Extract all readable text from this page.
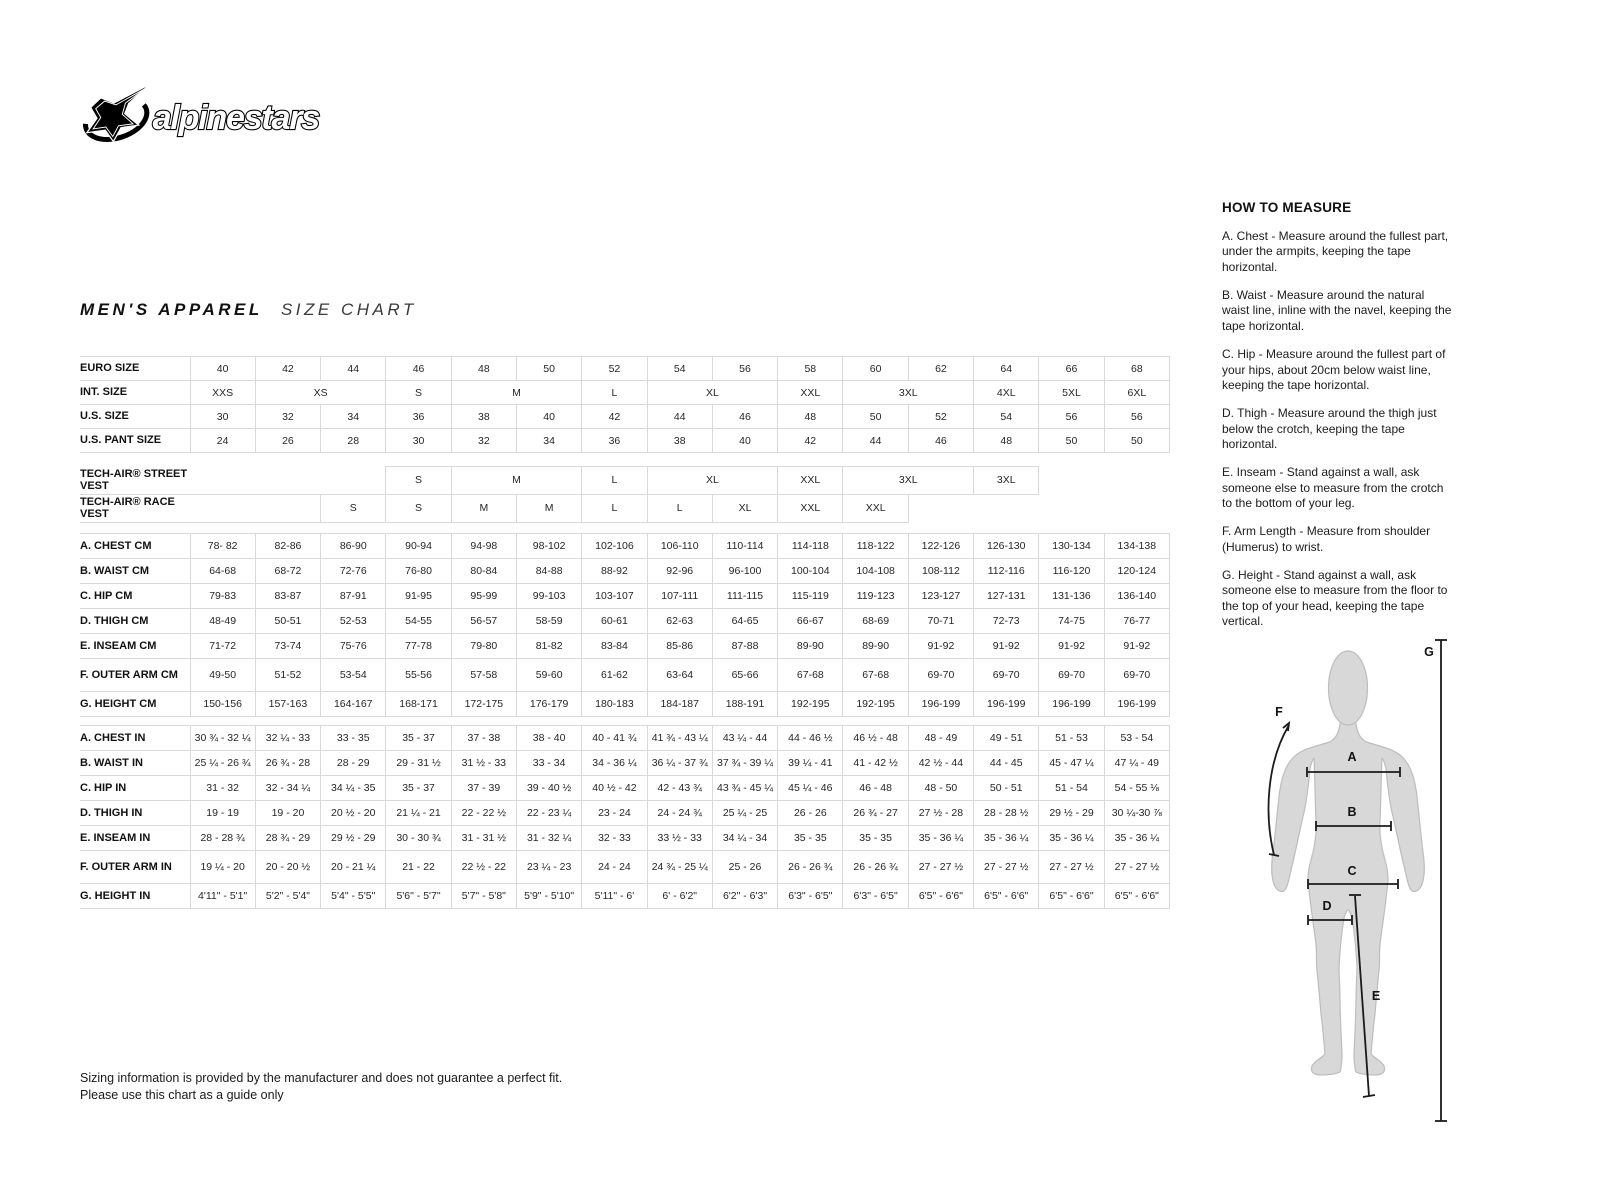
alpinestars
MEN'S APPAREL SIZE CHART
EURO SIZE	40	42	44	46	48	50	52	54	56	58	60	62	64	66	68
INT. SIZE	XXS	XS		S	M		L	XL		XXL	3XL		4XL	5XL	6XL
U.S. SIZE	30	32	34	36	38	40	42	44	46	48	50	52	54	56	56
U.S. PANT SIZE	24	26	28	30	32	34	36	38	40	42	44	46	48	50	50

TECH-AIR® STREET VEST				S	M		L	XL		XXL	3XL		3XL		
TECH-AIR® RACE VEST			S	S	M	M	L	L	XL	XXL	XXL				

A. CHEST CM	78- 82	82-86	86-90	90-94	94-98	98-102	102-106	106-110	110-114	114-118	118-122	122-126	126-130	130-134	134-138
B. WAIST CM	64-68	68-72	72-76	76-80	80-84	84-88	88-92	92-96	96-100	100-104	104-108	108-112	112-116	116-120	120-124
C. HIP CM	79-83	83-87	87-91	91-95	95-99	99-103	103-107	107-111	111-115	115-119	119-123	123-127	127-131	131-136	136-140
D. THIGH CM	48-49	50-51	52-53	54-55	56-57	58-59	60-61	62-63	64-65	66-67	68-69	70-71	72-73	74-75	76-77
E. INSEAM CM	71-72	73-74	75-76	77-78	79-80	81-82	83-84	85-86	87-88	89-90	89-90	91-92	91-92	91-92	91-92
F. OUTER ARM CM	49-50	51-52	53-54	55-56	57-58	59-60	61-62	63-64	65-66	67-68	67-68	69-70	69-70	69-70	69-70
G. HEIGHT CM	150-156	157-163	164-167	168-171	172-175	176-179	180-183	184-187	188-191	192-195	192-195	196-199	196-199	196-199	196-199

A. CHEST IN	30 ¾ - 32 ¼	32 ¼ - 33	33 - 35	35 - 37	37 - 38	38 - 40	40 - 41 ¾	41 ¾ - 43 ¼	43 ¼ - 44	44 - 46 ½	46 ½ - 48	48 - 49	49 - 51	51 - 53	53 - 54
B. WAIST IN	25 ¼ - 26 ¾	26 ¾ - 28	28 - 29	29 - 31 ½	31 ½ - 33	33 - 34	34 - 36 ¼	36 ¼ - 37 ¾	37 ¾ - 39 ¼	39 ¼ - 41	41 - 42 ½	42 ½ - 44	44 - 45	45 - 47 ¼	47 ¼ - 49
C. HIP IN	31 - 32	32 - 34 ¼	34 ¼ - 35	35 - 37	37 - 39	39 - 40 ½	40 ½ - 42	42 - 43 ¾	43 ¾ - 45 ¼	45 ¼ - 46	46 - 48	48 - 50	50 - 51	51 - 54	54 - 55 ⅛
D. THIGH IN	19 - 19	19 - 20	20 ½ - 20	21 ¼ - 21	22 - 22 ½	22 - 23 ¼	23 - 24	24 - 24 ¾	25 ¼ - 25	26 - 26	26 ¾ - 27	27 ½ - 28	28 - 28 ½	29 ½ - 29	30 ¼-30 ⅞
E. INSEAM IN	28 - 28 ¾	28 ¾ - 29	29 ½ - 29	30 - 30 ¾	31 - 31 ½	31 - 32 ¼	32 - 33	33 ½ - 33	34 ¼ - 34	35 - 35	35 - 35	35 - 36 ¼	35 - 36 ¼	35 - 36 ¼	35 - 36 ¼
F. OUTER ARM IN	19 ¼ - 20	20 - 20 ½	20 - 21 ¼	21 - 22	22 ½ - 22	23 ¼ - 23	24 - 24	24 ¾ - 25 ¼	25 - 26	26 - 26 ¾	26 - 26 ¾	27 - 27 ½	27 - 27 ½	27 - 27 ½	27 - 27 ½
G. HEIGHT IN	4'11" - 5'1"	5'2" - 5'4"	5'4" - 5'5"	5'6" - 5'7"	5'7" - 5'8"	5'9" - 5'10"	5'11" - 6'	6' - 6'2"	6'2" - 6'3"	6'3" - 6'5"	6'3" - 6'5"	6'5" - 6'6"	6'5" - 6'6"	6'5" - 6'6"	6'5" - 6'6"
HOW TO MEASURE

A. Chest - Measure around the fullest part, under the armpits, keeping the tape horizontal.

B. Waist - Measure around the natural waist line, inline with the navel, keeping the tape horizontal.

C. Hip - Measure around the fullest part of your hips, about 20cm below waist line, keeping the tape horizontal.

D. Thigh - Measure around the thigh just below the crotch, keeping the tape horizontal.

E. Inseam - Stand against a wall, ask someone else to measure from the crotch to the bottom of your leg.

F. Arm Length - Measure from shoulder (Humerus) to wrist.

G. Height - Stand against a wall, ask someone else to measure from the floor to the top of your head, keeping the tape vertical.

A
B
C
D
E
F
G
Sizing information is provided by the manufacturer and does not guarantee a perfect fit.
Please use this chart as a guide only
